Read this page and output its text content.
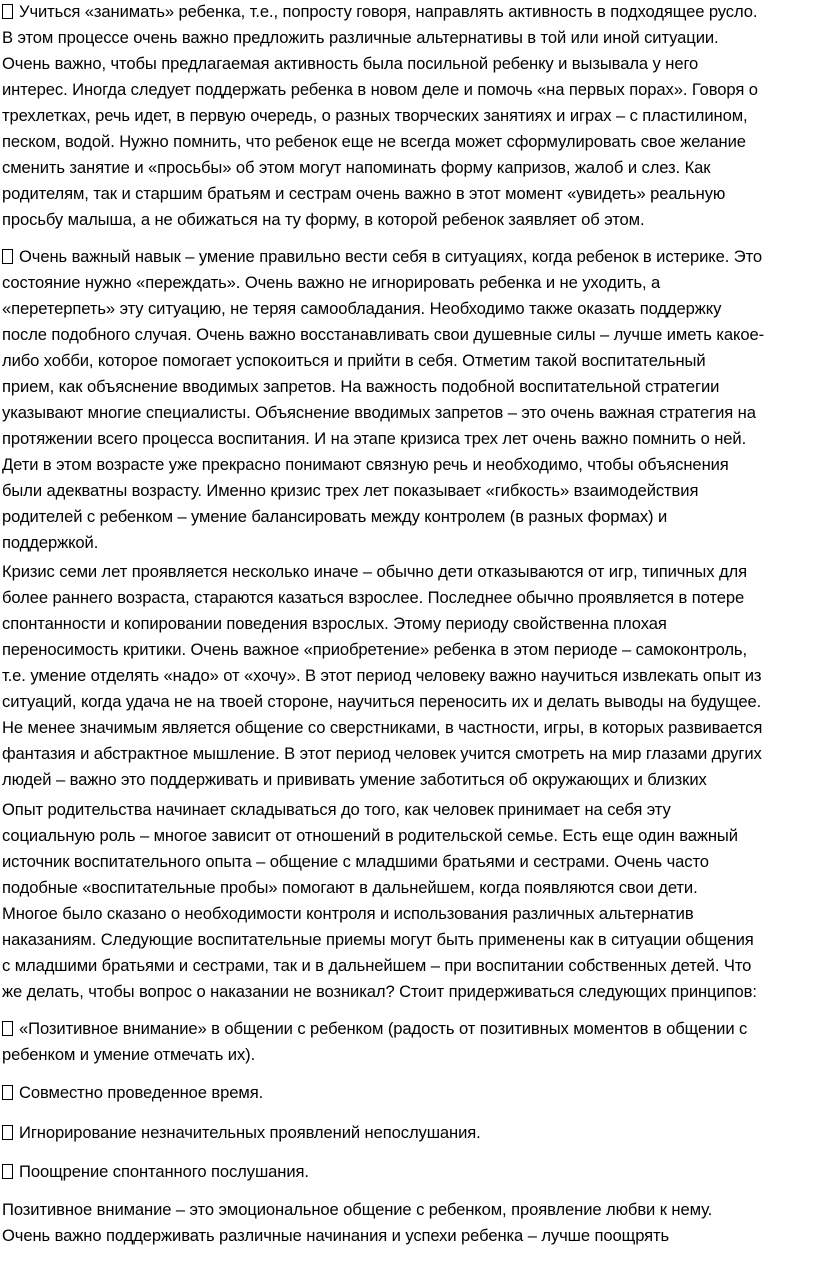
Учиться «занимать» ребенка, т.е., попросту говоря, направлять активность в подходящее русло.
В этом процессе очень важно предложить различные альтернативы в той или иной ситуации.
Очень важно, чтобы предлагаемая активность была посильной ребенку и вызывала у него
интерес. Иногда следует поддержать ребенка в новом деле и помочь «на первых порах». Говоря о
трехлетках, речь идет, в первую очередь, о разных творческих занятиях и играх – с пластилином,
песком, водой. Нужно помнить, что ребенок еще не всегда может сформулировать свое желание
сменить занятие и «просьбы» об этом могут напоминать форму капризов, жалоб и слез. Как
родителям, так и старшим братьям и сестрам очень важно в этот момент «увидеть» реальную
просьбу малыша, а не обижаться на ту форму, в которой ребенок заявляет об этом.
Очень важный навык – умение правильно вести себя в ситуациях, когда ребенок в истерике. Это
состояние нужно «переждать». Очень важно не игнорировать ребенка и не уходить, а
«перетерпеть» эту ситуацию, не теряя самообладания. Необходимо также оказать поддержку
после подобного случая. Очень важно восстанавливать свои душевные силы – лучше иметь какое-
либо хобби, которое помогает успокоиться и прийти в себя. Отметим такой воспитательный
прием, как объяснение вводимых запретов. На важность подобной воспитательной стратегии
указывают многие специалисты. Объяснение вводимых запретов – это очень важная стратегия на
протяжении всего процесса воспитания. И на этапе кризиса трех лет очень важно помнить о ней.
Дети в этом возрасте уже прекрасно понимают связную речь и необходимо, чтобы объяснения
были адекватны возрасту. Именно кризис трех лет показывает «гибкость» взаимодействия
родителей с ребенком – умение балансировать между контролем (в разных формах) и
поддержкой.
Кризис семи лет проявляется несколько иначе – обычно дети отказываются от игр, типичных для
более раннего возраста, стараются казаться взрослее. Последнее обычно проявляется в потере
спонтанности и копировании поведения взрослых. Этому периоду свойственна плохая
переносимость критики. Очень важное «приобретение» ребенка в этом периоде – самоконтроль,
т.е. умение отделять «надо» от «хочу». В этот период человеку важно научиться извлекать опыт из
ситуаций, когда удача не на твоей стороне, научиться переносить их и делать выводы на будущее.
Не менее значимым является общение со сверстниками, в частности, игры, в которых развивается
фантазия и абстрактное мышление. В этот период человек учится смотреть на мир глазами других
людей – важно это поддерживать и прививать умение заботиться об окружающих и близких
Опыт родительства начинает складываться до того, как человек принимает на себя эту
социальную роль – многое зависит от отношений в родительской семье. Есть еще один важный
источник воспитательного опыта – общение с младшими братьями и сестрами. Очень часто
подобные «воспитательные пробы» помогают в дальнейшем, когда появляются свои дети.
Многое было сказано о необходимости контроля и использования различных альтернатив
наказаниям. Следующие воспитательные приемы могут быть применены как в ситуации общения
с младшими братьями и сестрами, так и в дальнейшем – при воспитании собственных детей. Что
же делать, чтобы вопрос о наказании не возникал? Стоит придерживаться следующих принципов:
«Позитивное внимание» в общении с ребенком (радость от позитивных моментов в общении с
ребенком и умение отмечать их).
Совместно проведенное время.
Игнорирование незначительных проявлений непослушания.
Поощрение спонтанного послушания.
Позитивное внимание – это эмоциональное общение с ребенком, проявление любви к нему.
Очень важно поддерживать различные начинания и успехи ребенка – лучше поощрять
